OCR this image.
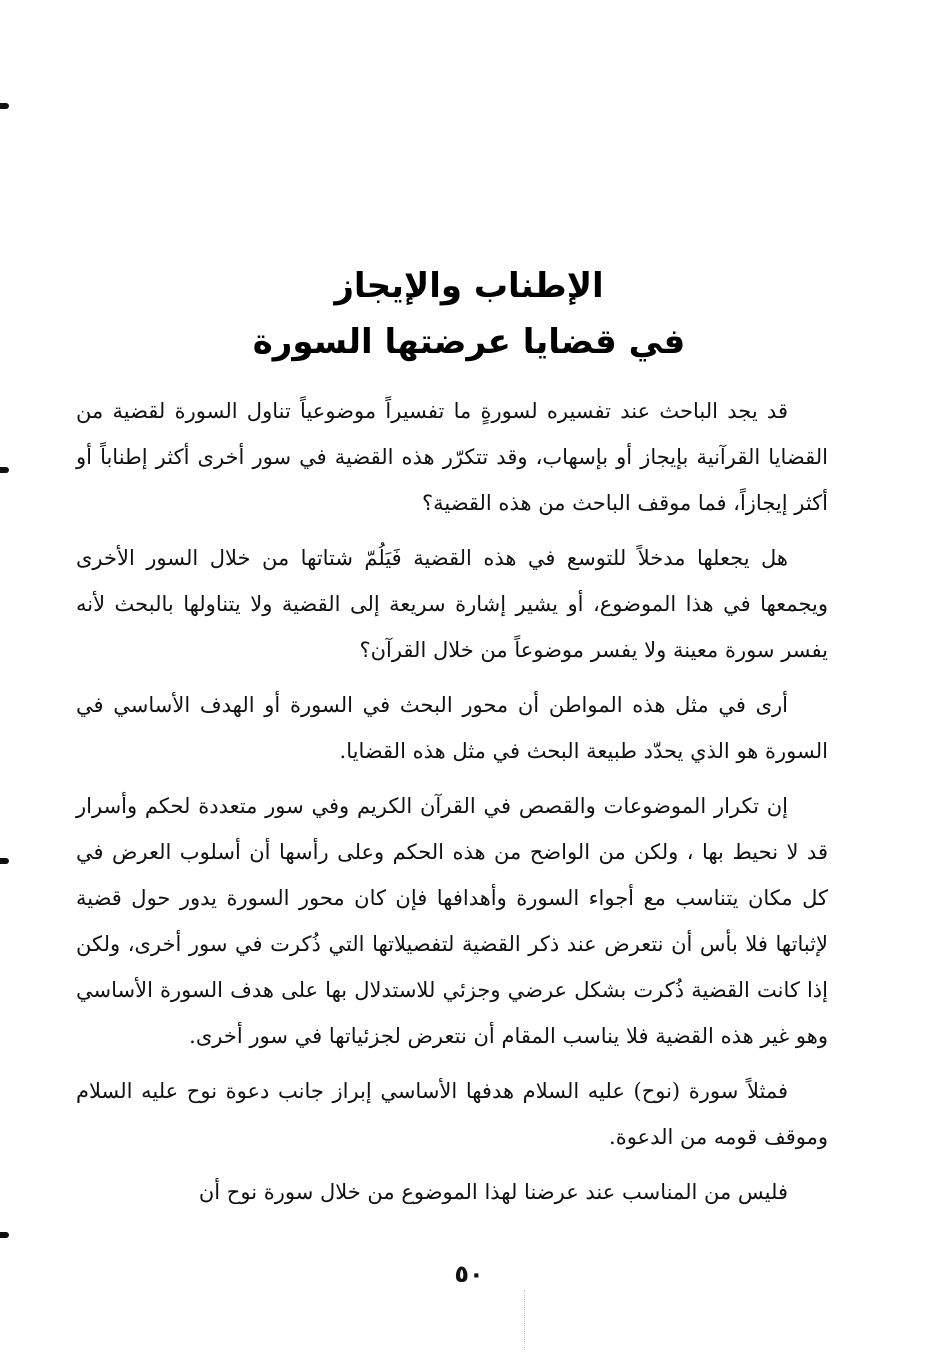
الإطناب والإيجاز
في قضايا عرضتها السورة

قد يجد الباحث عند تفسيره لسورةٍ ما تفسيراً موضوعياً تناول السورة لقضية من القضايا القرآنية بإيجاز أو بإسهاب، وقد تتكرّر هذه القضية في سور أخرى أكثر إطناباً أو أكثر إيجازاً، فما موقف الباحث من هذه القضية؟

هل يجعلها مدخلاً للتوسع في هذه القضية فَيَلُمّ شتاتها من خلال السور الأخرى ويجمعها في هذا الموضوع، أو يشير إشارة سريعة إلى القضية ولا يتناولها بالبحث لأنه يفسر سورة معينة ولا يفسر موضوعاً من خلال القرآن؟

أرى في مثل هذه المواطن أن محور البحث في السورة أو الهدف الأساسي في السورة هو الذي يحدّد طبيعة البحث في مثل هذه القضايا.

إن تكرار الموضوعات والقصص في القرآن الكريم وفي سور متعددة لحكم وأسرار قد لا نحيط بها ، ولكن من الواضح من هذه الحكم وعلى رأسها أن أسلوب العرض في كل مكان يتناسب مع أجواء السورة وأهدافها فإن كان محور السورة يدور حول قضية لإثباتها فلا بأس أن نتعرض عند ذكر القضية لتفصيلاتها التي ذُكرت في سور أخرى، ولكن إذا كانت القضية ذُكرت بشكل عرضي وجزئي للاستدلال بها على هدف السورة الأساسي وهو غير هذه القضية فلا يناسب المقام أن نتعرض لجزئياتها في سور أخرى.

فمثلاً سورة (نوح) عليه السلام هدفها الأساسي إبراز جانب دعوة نوح عليه السلام وموقف قومه من الدعوة.

فليس من المناسب عند عرضنا لهذا الموضوع من خلال سورة نوح أن

٥٠
